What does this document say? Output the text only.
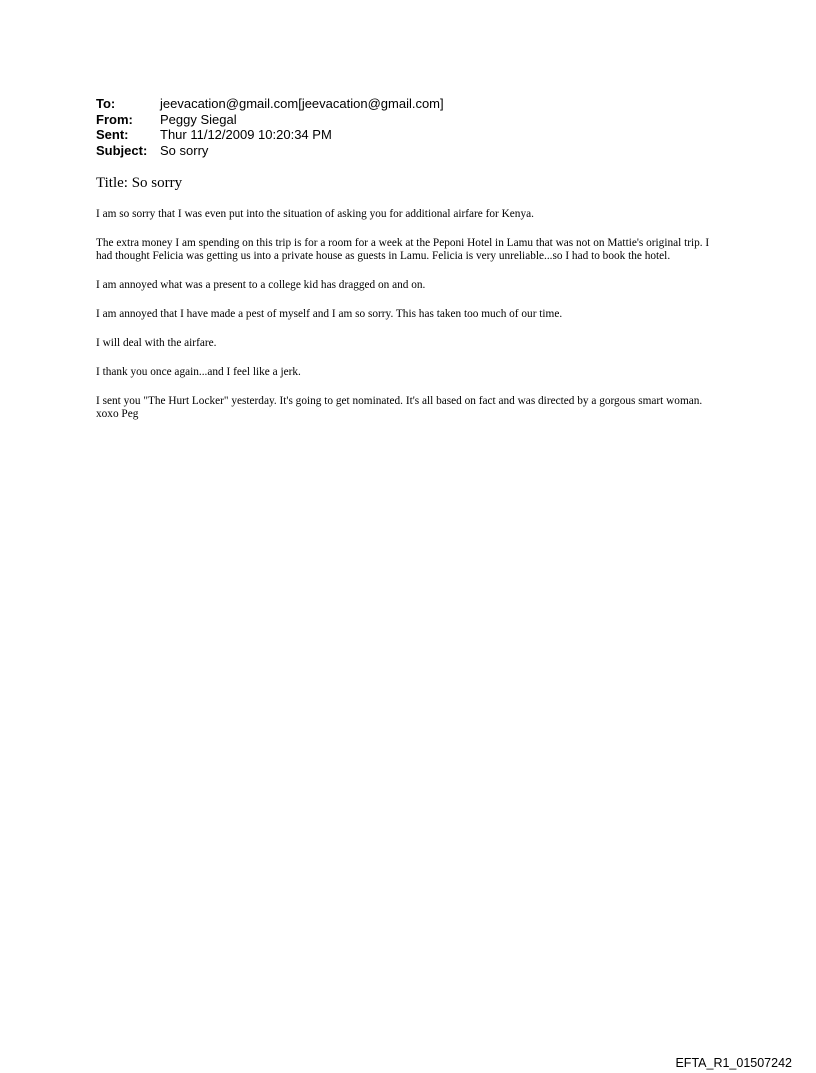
To:	jeevacation@gmail.com[jeevacation@gmail.com]
From:	Peggy Siegal
Sent:	Thur 11/12/2009 10:20:34 PM
Subject: So sorry
Title: So sorry

I am so sorry that I was even put into the situation of asking you for additional airfare for Kenya.

The extra money I am spending on this trip is for a room for a week at the Peponi Hotel in Lamu that was not on Mattie's original trip. I had thought Felicia was getting us into a private house as guests in Lamu. Felicia is very unreliable...so I had to book the hotel.

I am annoyed what was a present to a college kid has dragged on and on.

I am annoyed that I have made a pest of myself and I am so sorry. This has taken too much of our time.

I will deal with the airfare.

I thank you once again...and I feel like a jerk.

I sent you "The Hurt Locker" yesterday. It's going to get nominated. It's all based on fact and was directed by a gorgous smart woman.

xoxo Peg

EFTA_R1_01507242
